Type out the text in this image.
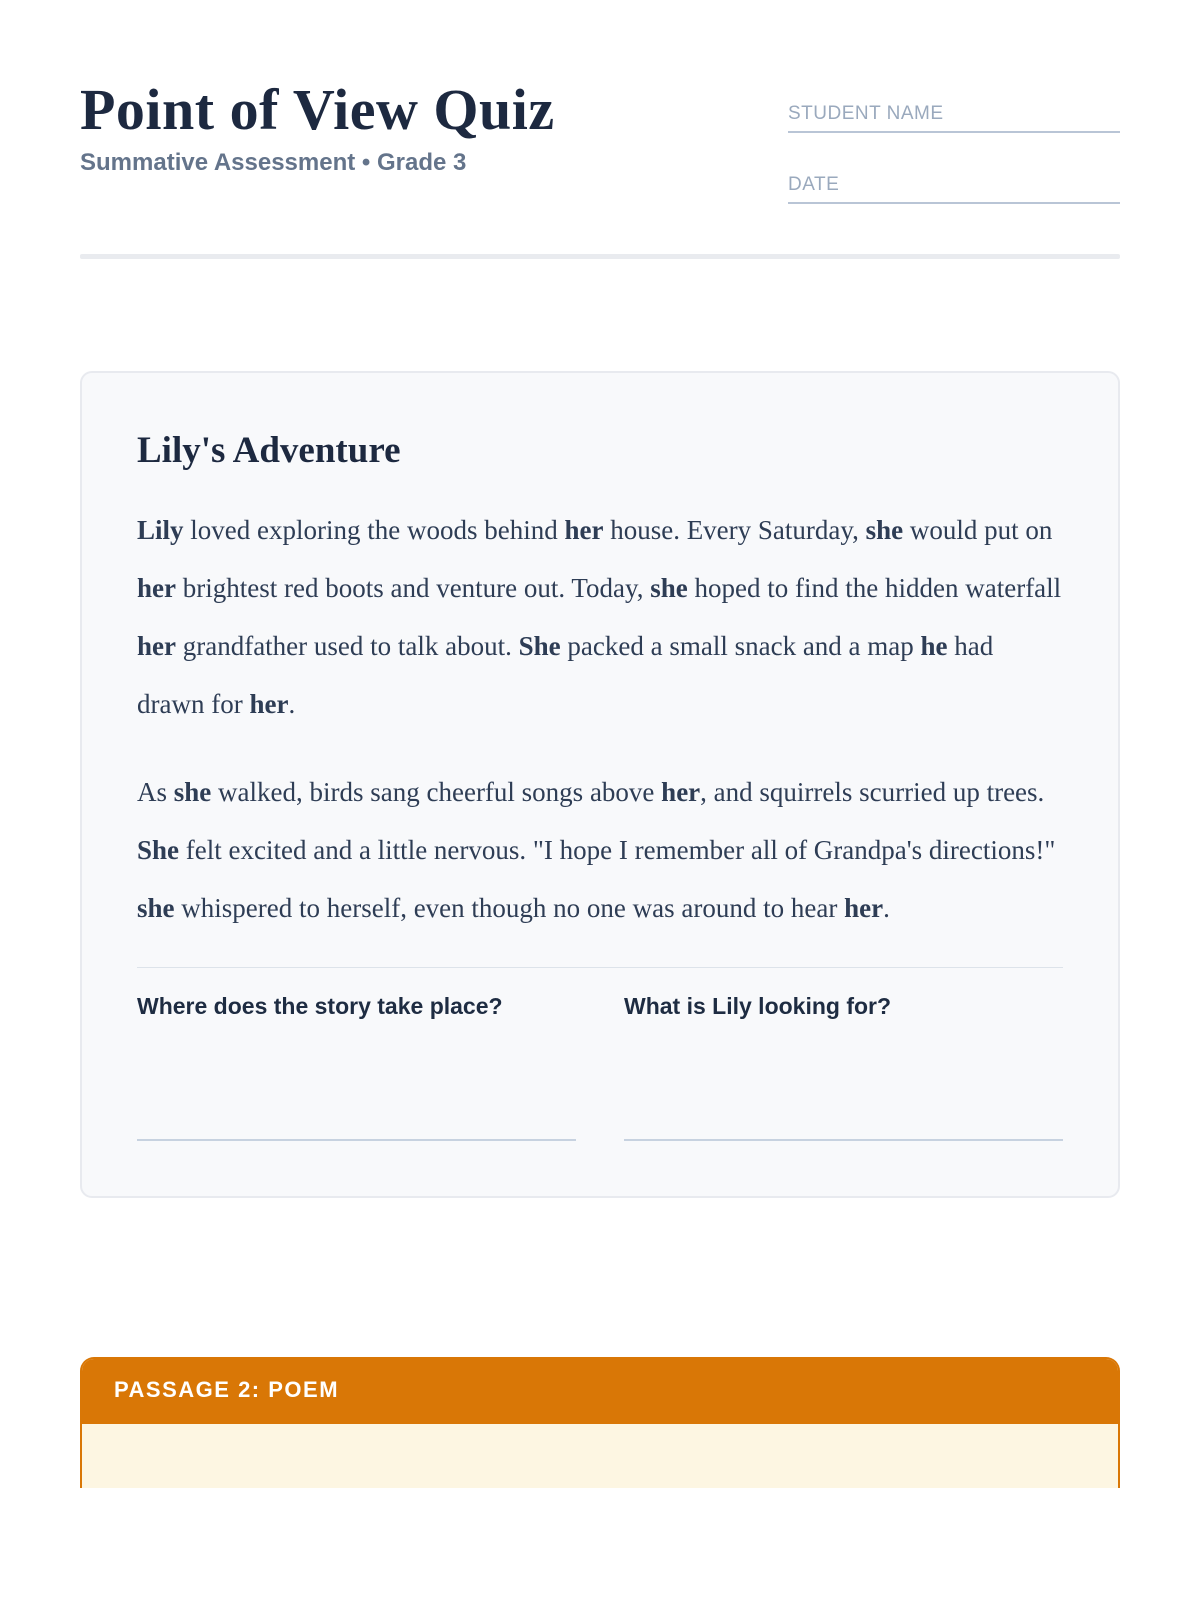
Point of View Quiz
Summative Assessment • Grade 3
STUDENT NAME
DATE
Lily's Adventure

Lily loved exploring the woods behind her house. Every Saturday, she would put on her brightest red boots and venture out. Today, she hoped to find the hidden waterfall her grandfather used to talk about. She packed a small snack and a map he had drawn for her.

As she walked, birds sang cheerful songs above her, and squirrels scurried up trees. She felt excited and a little nervous. "I hope I remember all of Grandpa's directions!" she whispered to herself, even though no one was around to hear her.

Where does the story take place?	What is Lily looking for?
PASSAGE 2: POEM
